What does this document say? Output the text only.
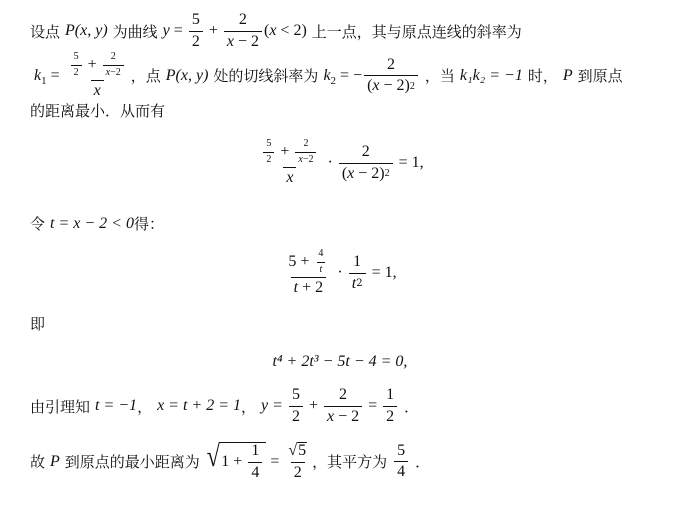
设点 P(x, y) 为曲线 $y = \frac{5}{2} + \frac{2}{x - 2}$ ( x < 2) 上一点，其与原点连线的斜率为
k $1 = \frac{\frac{5}{2} + \frac{2}{x -2}}{x}$ ，点 P(x, y) 处的切线斜率为 k 2 = − $\frac{2}{( x - 2) 2}$ ，当 k₁k₂ = −1 时， P 到原点
的距离最小．从而有
$\frac{\frac{5}{2} + \frac{2}{x -2}}{x} \cdot \frac{2}{( x - 2) 2} = 1$,
令 t = x − 2 < 0 得：
$\frac{5 + \frac{4}{t}}{t + 2} \cdot \frac{1}{t 2} = 1$,
即
t⁴ + 2t³ − 5t − 4 = 0,
由引理知 t = −1 ， x = t + 2 = 1 ， y =
$\frac{5}{2} + \frac{2}{x - 2} = \frac{1}{2}$ ．
故 P 到原点的最小距离为 √ $1 + \frac{1}{4} = \frac{√ 5}{2}$ ，其平方为 $\frac{5}{4}$ ．
